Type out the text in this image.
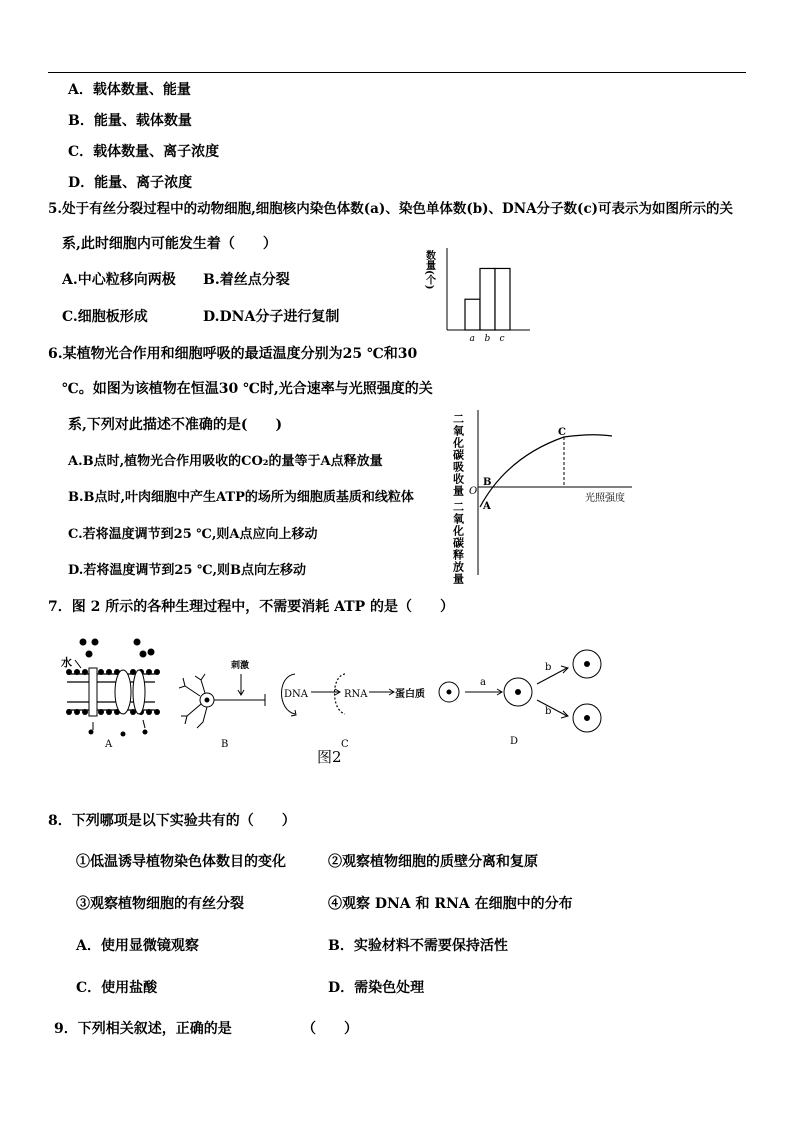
A．载体数量、能量
B．能量、载体数量
C．载体数量、离子浓度
D．能量、离子浓度
5.处于有丝分裂过程中的动物细胞,细胞核内染色体数(a)、染色单体数(b)、DNA分子数(c)可表示为如图所示的关
系,此时细胞内可能发生着（　　）
A.中心粒移向两极 B.着丝点分裂
C.细胞板形成	D.DNA分子进行复制
数量(个)
a b c
6.某植物光合作用和细胞呼吸的最适温度分别为25 ℃和30
℃。如图为该植物在恒温30 ℃时,光合速率与光照强度的关
系,下列对此描述不准确的是(　　)
A.B点时,植物光合作用吸收的CO₂的量等于A点释放量
B.B点时,叶肉细胞中产生ATP的场所为细胞质基质和线粒体
C.若将温度调节到25 ℃,则A点应向上移动
D.若将温度调节到25 ℃,则B点向左移动
二氧化碳吸收量
二氧化碳释放量
O
A
B
C
光照强度
7．图 2 所示的各种生理过程中，不需要消耗 ATP 的是（　　）
水
A
刺激
B
DNA	RNA	蛋白质
C
a
b
b
D
图2
8．下列哪项是以下实验共有的（　　）
①低温诱导植物染色体数目的变化	②观察植物细胞的质壁分离和复原
③观察植物细胞的有丝分裂	④观察 DNA 和 RNA 在细胞中的分布
A．使用显微镜观察	B．实验材料不需要保持活性
C．使用盐酸	D．需染色处理
9．下列相关叙述，正确的是	（　　）
